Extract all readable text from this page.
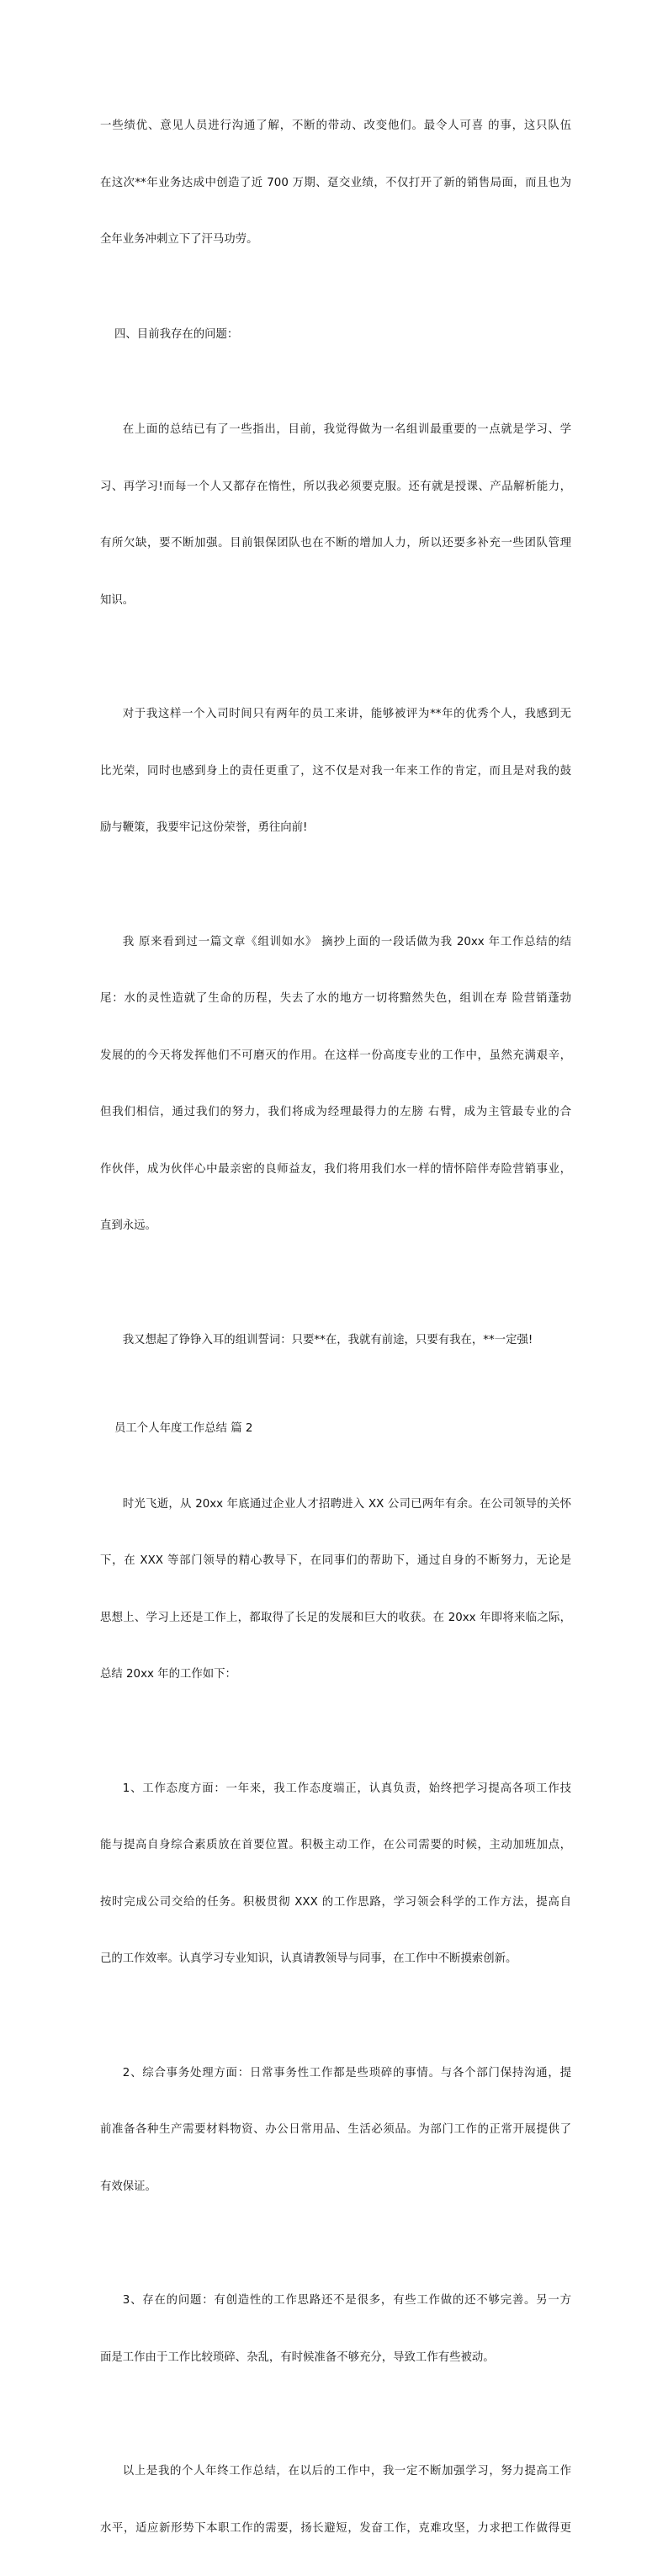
一些绩优、意见人员进行沟通了解，不断的带动、改变他们。最令人可喜 的事，这只队伍

在这次**年业务达成中创造了近 700 万期、趸交业绩，不仅打开了新的销售局面，而且也为

全年业务冲刺立下了汗马功劳。

四、目前我存在的问题：

在上面的总结已有了一些指出，目前，我觉得做为一名组训最重要的一点就是学习、学

习、再学习!而每一个人又都存在惰性，所以我必须要克服。还有就是授课、产品解析能力，

有所欠缺，要不断加强。目前银保团队也在不断的增加人力，所以还要多补充一些团队管理

知识。

对于我这样一个入司时间只有两年的员工来讲，能够被评为**年的优秀个人，我感到无

比光荣，同时也感到身上的责任更重了，这不仅是对我一年来工作的肯定，而且是对我的鼓

励与鞭策，我要牢记这份荣誉，勇往向前!

我 原来看到过一篇文章《组训如水》 摘抄上面的一段话做为我 20xx 年工作总结的结

尾：水的灵性造就了生命的历程，失去了水的地方一切将黯然失色，组训在寿 险营销蓬勃

发展的的今天将发挥他们不可磨灭的作用。在这样一份高度专业的工作中，虽然充满艰辛，

但我们相信，通过我们的努力，我们将成为经理最得力的左膀 右臂，成为主管最专业的合

作伙伴，成为伙伴心中最亲密的良师益友，我们将用我们水一样的情怀陪伴寿险营销事业，

直到永远。

我又想起了铮铮入耳的组训誓词：只要**在，我就有前途，只要有我在，**一定强!

员工个人年度工作总结 篇 2

时光飞逝，从 20xx 年底通过企业人才招聘进入 XX 公司已两年有余。在公司领导的关怀

下，在 XXX 等部门领导的精心教导下，在同事们的帮助下，通过自身的不断努力，无论是

思想上、学习上还是工作上，都取得了长足的发展和巨大的收获。在 20xx 年即将来临之际，

总结 20xx 年的工作如下：

1、工作态度方面：一年来，我工作态度端正，认真负责，始终把学习提高各项工作技

能与提高自身综合素质放在首要位置。积极主动工作，在公司需要的时候，主动加班加点，

按时完成公司交给的任务。积极贯彻 XXX 的工作思路，学习领会科学的工作方法，提高自

己的工作效率。认真学习专业知识，认真请教领导与同事，在工作中不断摸索创新。

2、综合事务处理方面：日常事务性工作都是些琐碎的事情。与各个部门保持沟通，提

前准备各种生产需要材料物资、办公日常用品、生活必须品。为部门工作的正常开展提供了

有效保证。

3、存在的问题：有创造性的工作思路还不是很多，有些工作做的还不够完善。另一方

面是工作由于工作比较琐碎、杂乱，有时候准备不够充分，导致工作有些被动。

以上是我的个人年终工作总结，在以后的工作中，我一定不断加强学习，努力提高工作

水平，适应新形势下本职工作的需要，扬长避短，发奋工作，克难攻坚，力求把工作做得更
